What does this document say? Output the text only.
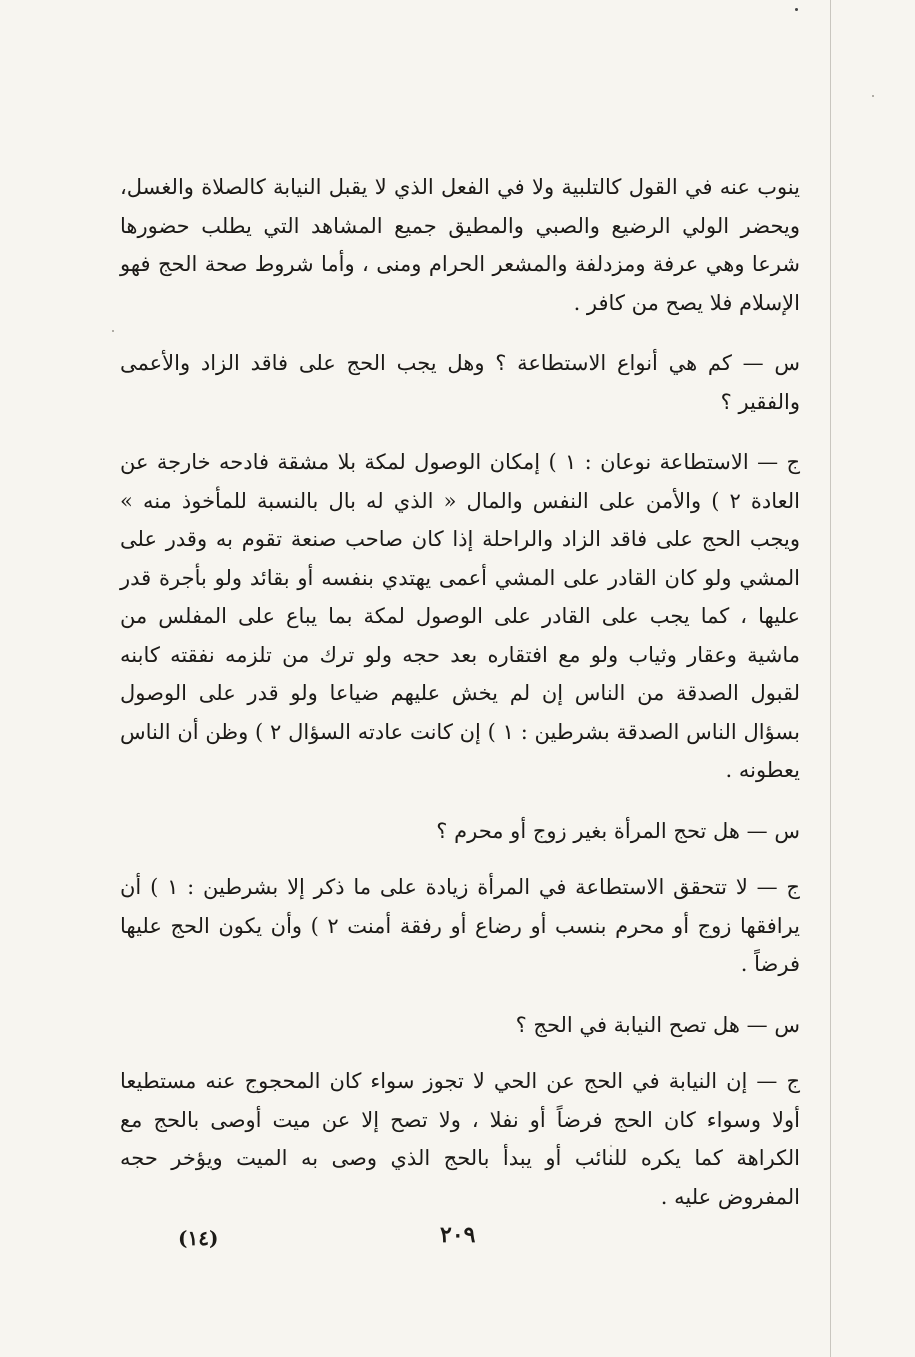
ينوب عنه في القول كالتلبية ولا في الفعل الذي لا يقبل النيابة كالصلاة والغسل، ويحضر الولي الرضيع والصبي والمطيق جميع المشاهد التي يطلب حضورها شرعا وهي عرفة ومزدلفة والمشعر الحرام ومنى ، وأما شروط صحة الحج فهو الإسلام فلا يصح من كافر .

س — كم هي أنواع الاستطاعة ؟ وهل يجب الحج على فاقد الزاد والأعمى والفقير ؟

ج — الاستطاعة نوعان : ١ ) إمكان الوصول لمكة بلا مشقة فادحه خارجة عن العادة ٢ ) والأمن على النفس والمال « الذي له بال بالنسبة للمأخوذ منه » ويجب الحج على فاقد الزاد والراحلة إذا كان صاحب صنعة تقوم به وقدر على المشي ولو كان القادر على المشي أعمى يهتدي بنفسه أو بقائد ولو بأجرة قدر عليها ، كما يجب على القادر على الوصول لمكة بما يباع على المفلس من ماشية وعقار وثياب ولو مع افتقاره بعد حجه ولو ترك من تلزمه نفقته كابنه لقبول الصدقة من الناس إن لم يخش عليهم ضياعا ولو قدر على الوصول بسؤال الناس الصدقة بشرطين : ١ ) إن كانت عادته السؤال ٢ ) وظن أن الناس يعطونه .

س — هل تحج المرأة بغير زوج أو محرم ؟

ج — لا تتحقق الاستطاعة في المرأة زيادة على ما ذكر إلا بشرطين : ١ ) أن يرافقها زوج أو محرم بنسب أو رضاع أو رفقة أمنت ٢ ) وأن يكون الحج عليها فرضاً .

س — هل تصح النيابة في الحج ؟

ج — إن النيابة في الحج عن الحي لا تجوز سواء كان المحجوج عنه مستطيعا أولا وسواء كان الحج فرضاً أو نفلا ، ولا تصح إلا عن ميت أوصى بالحج مع الكراهة كما يكره للنائب أو يبدأ بالحج الذي وصى به الميت ويؤخر حجه المفروض عليه .

٢٠٩
(١٤)
